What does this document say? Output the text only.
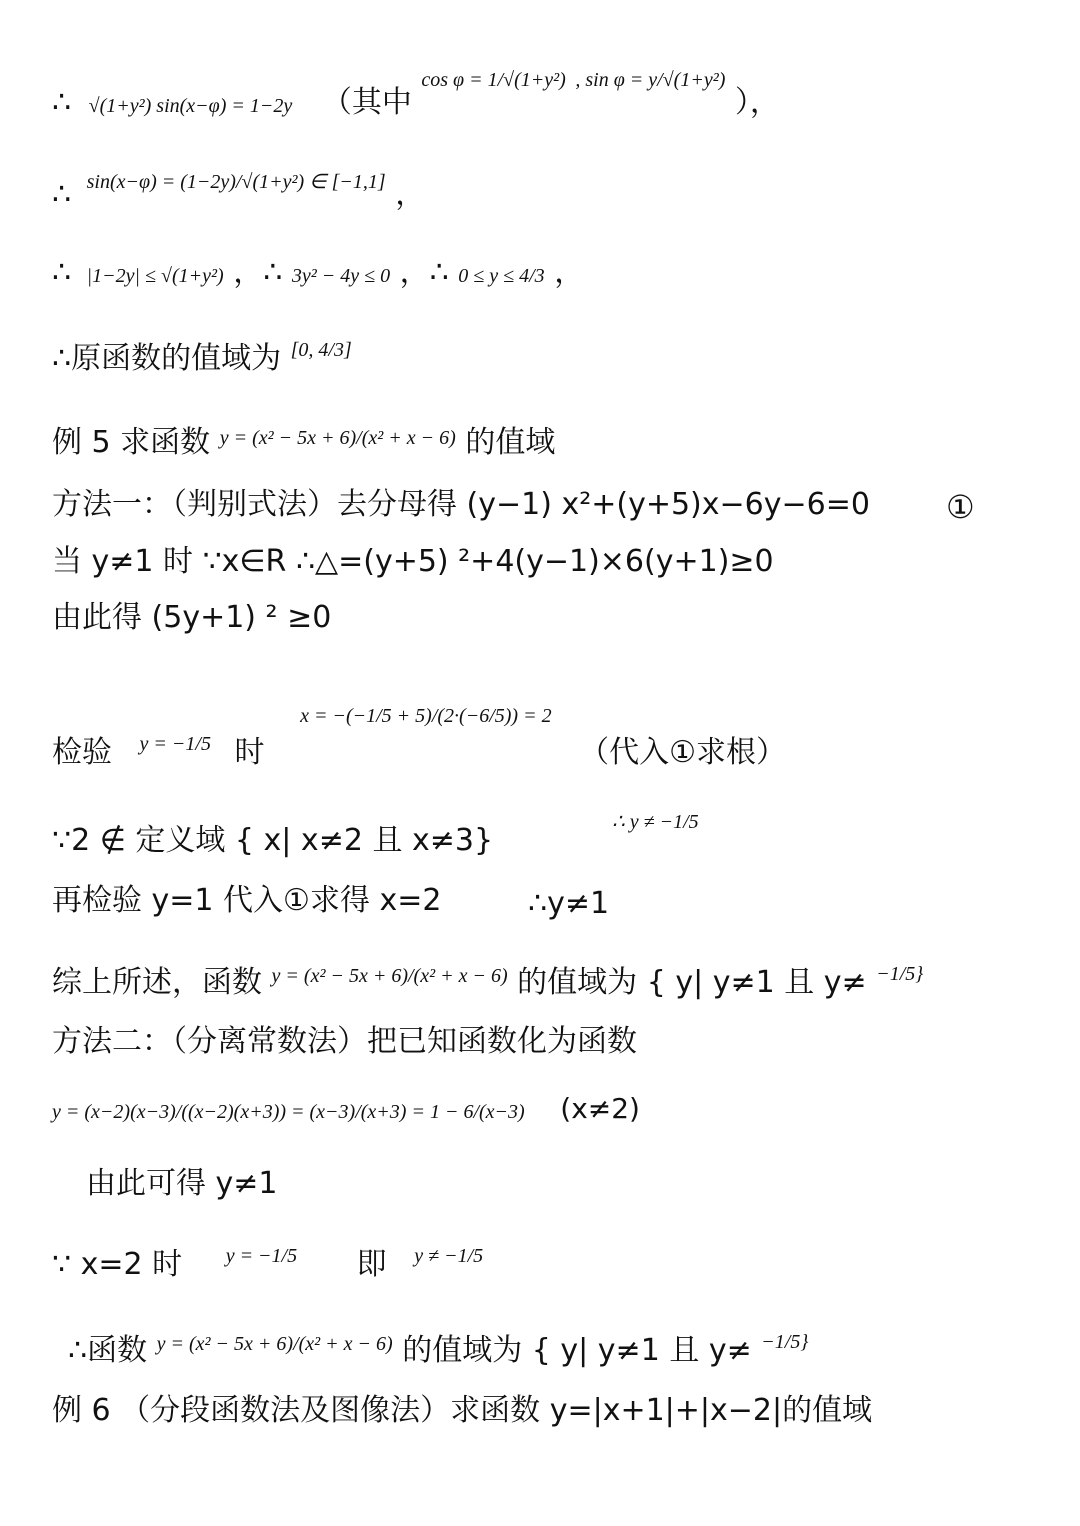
∴ √(1+y²) sin(x−φ) = 1−2y （其中 $^{cos \varphi = 1/√(1+y^2)}$ $^{, sin \varphi = y/√(1+y^2)}$ ），
∴ $^{sin(x-\varphi) = (1-2y)/√(1+y^2) \in [-1,1]}$ ，
∴ |1−2y| ≤ √(1+y²) ，∴ 3y² − 4y ≤ 0 ，∴ 0 ≤ y ≤ 4/3 ，
∴原函数的值域为 [0, 4/3]
例 5 求函数 $^{y = (x^2 - 5x + 6)/(x^2 + x - 6)}$ 的值域
方法一：（判别式法）去分母得 (y−1) x²+(y+5)x−6y−6=0 ①
当 y≠1 时 ∵x∈R ∴△=(y+5) ²+4(y−1)×6(y+1)≥0
由此得 (5y+1) ² ≥0
检验 $^{y = -1/5}$ 时 $^{x = -(-1/5 + 5)/(2\cdot(-6/5)) = 2}$ （代入①求根）
∵2 ∉ 定义域 { x| x≠2 且 x≠3}
∴ y ≠ −1/5
再检验 y=1 代入①求得 x=2	∴y≠1
综上所述，函数 $^{y = (x^2 - 5x + 6)/(x^2 + x - 6)}$ 的值域为 { y| y≠1 且 y≠ $^{-1/5\}}$
方法二：（分离常数法）把已知函数化为函数
y = (x−2)(x−3)/((x−2)(x+3)) = (x−3)/(x+3) = 1 − 6/(x−3) (x≠2)
由此可得 y≠1
∵ x=2 时 $^{y = -1/5}$ 即 $^{y \ne -1/5}$
∴函数 $^{y = (x^2 - 5x + 6)/(x^2 + x - 6)}$ 的值域为 { y| y≠1 且 y≠ $^{-1/5\}}$
例 6 （分段函数法及图像法）求函数 y=|x+1|+|x−2|的值域
